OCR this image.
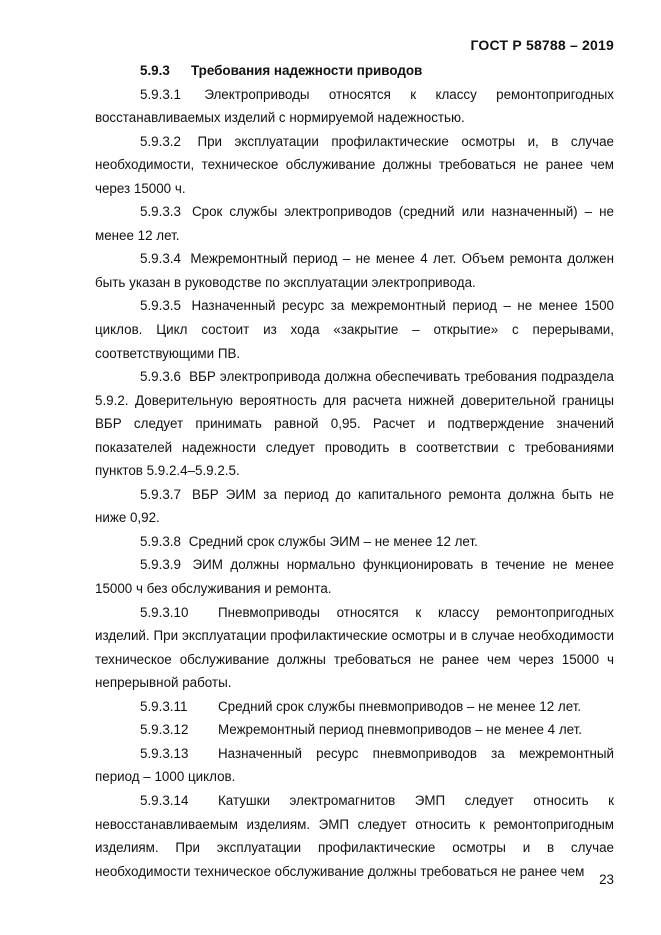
ГОСТ Р 58788 – 2019

5.9.3 Требования надежности приводов

5.9.3.1 Электроприводы относятся к классу ремонтопригодных восстанавливаемых изделий с нормируемой надежностью.

5.9.3.2 При эксплуатации профилактические осмотры и, в случае необходимости, техническое обслуживание должны требоваться не ранее чем через 15000 ч.

5.9.3.3 Срок службы электроприводов (средний или назначенный) – не менее 12 лет.

5.9.3.4 Межремонтный период – не менее 4 лет. Объем ремонта должен быть указан в руководстве по эксплуатации электропривода.

5.9.3.5 Назначенный ресурс за межремонтный период – не менее 1500 циклов. Цикл состоит из хода «закрытие – открытие» с перерывами, соответствующими ПВ.

5.9.3.6 ВБР электропривода должна обеспечивать требования подраздела 5.9.2. Доверительную вероятность для расчета нижней доверительной границы ВБР следует принимать равной 0,95. Расчет и подтверждение значений показателей надежности следует проводить в соответствии с требованиями пунктов 5.9.2.4–5.9.2.5.

5.9.3.7 ВБР ЭИМ за период до капитального ремонта должна быть не ниже 0,92.

5.9.3.8 Средний срок службы ЭИМ – не менее 12 лет.

5.9.3.9 ЭИМ должны нормально функционировать в течение не менее 15000 ч без обслуживания и ремонта.

5.9.3.10 Пневмоприводы относятся к классу ремонтопригодных изделий. При эксплуатации профилактические осмотры и в случае необходимости техническое обслуживание должны требоваться не ранее чем через 15000 ч непрерывной работы.

5.9.3.11 Средний срок службы пневмоприводов – не менее 12 лет.

5.9.3.12 Межремонтный период пневмоприводов – не менее 4 лет.

5.9.3.13 Назначенный ресурс пневмоприводов за межремонтный период – 1000 циклов.

5.9.3.14 Катушки электромагнитов ЭМП следует относить к невосстанавливаемым изделиям. ЭМП следует относить к ремонтопригодным изделиям. При эксплуатации профилактические осмотры и в случае необходимости техническое обслуживание должны требоваться не ранее чем

23
